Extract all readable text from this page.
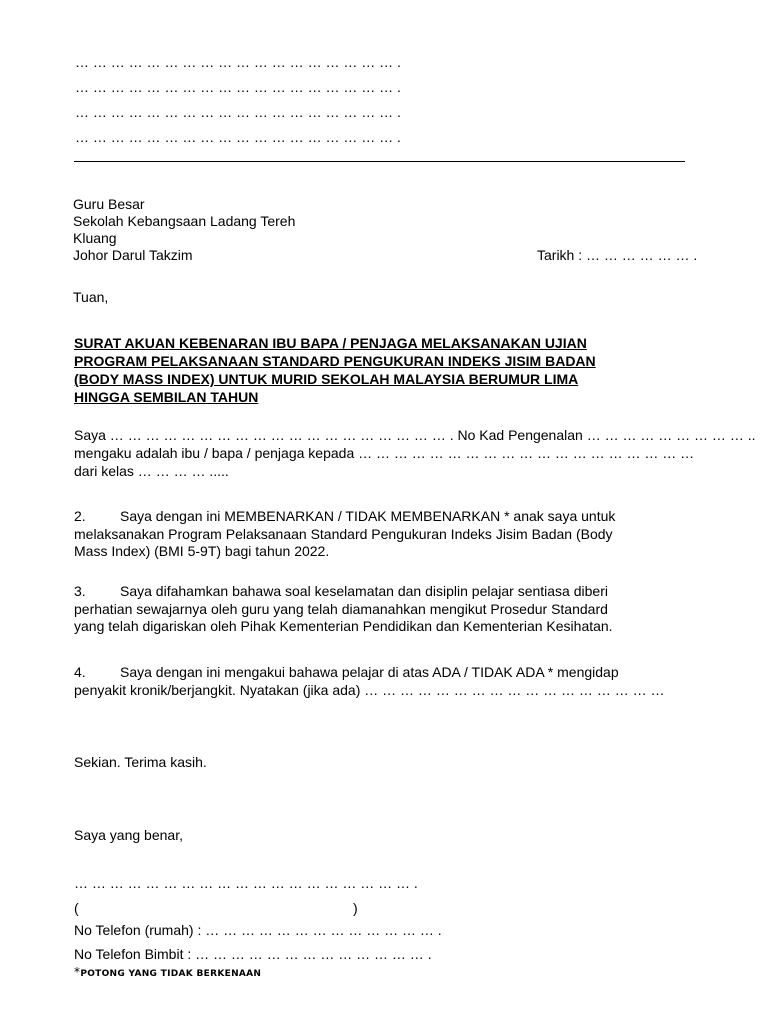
… … … … … … … … … … … … … … … … … … .
… … … … … … … … … … … … … … … … … … .
… … … … … … … … … … … … … … … … … … .
… … … … … … … … … … … … … … … … … … .
Guru Besar
Sekolah Kebangsaan Ladang Tereh
Kluang
Johor Darul Takzim	Tarikh : … … … … … … .
Tuan,
SURAT AKUAN KEBENARAN IBU BAPA / PENJAGA MELAKSANAKAN UJIAN
PROGRAM PELAKSANAAN STANDARD PENGUKURAN INDEKS JISIM BADAN
(BODY MASS INDEX) UNTUK MURID SEKOLAH MALAYSIA BERUMUR LIMA
HINGGA SEMBILAN TAHUN
Saya … … … … … … … … … … … … … … … … … … … . No Kad Pengenalan … … … … … … … … … ..
mengaku adalah ibu / bapa / penjaga kepada … … … … … … … … … … … … … … … … … … …
dari kelas … … … … .....
2. Saya dengan ini MEMBENARKAN / TIDAK MEMBENARKAN * anak saya untuk
melaksanakan Program Pelaksanaan Standard Pengukuran Indeks Jisim Badan (Body
Mass Index) (BMI 5-9T) bagi tahun 2022.
3. Saya difahamkan bahawa soal keselamatan dan disiplin pelajar sentiasa diberi
perhatian sewajarnya oleh guru yang telah diamanahkan mengikut Prosedur Standard
yang telah digariskan oleh Pihak Kementerian Pendidikan dan Kementerian Kesihatan.
4. Saya dengan ini mengakui bahawa pelajar di atas ADA / TIDAK ADA * mengidap
penyakit kronik/berjangkit. Nyatakan (jika ada) … … … … … … … … … … … … … … … … …
Sekian. Terima kasih.
Saya yang benar,
… … … … … … … … … … … … … … … … … … … .
(	)
No Telefon (rumah) : … … … … … … … … … … … … … .
No Telefon Bimbit : … … … … … … … … … … … … … .
*POTONG YANG TIDAK BERKENAAN
